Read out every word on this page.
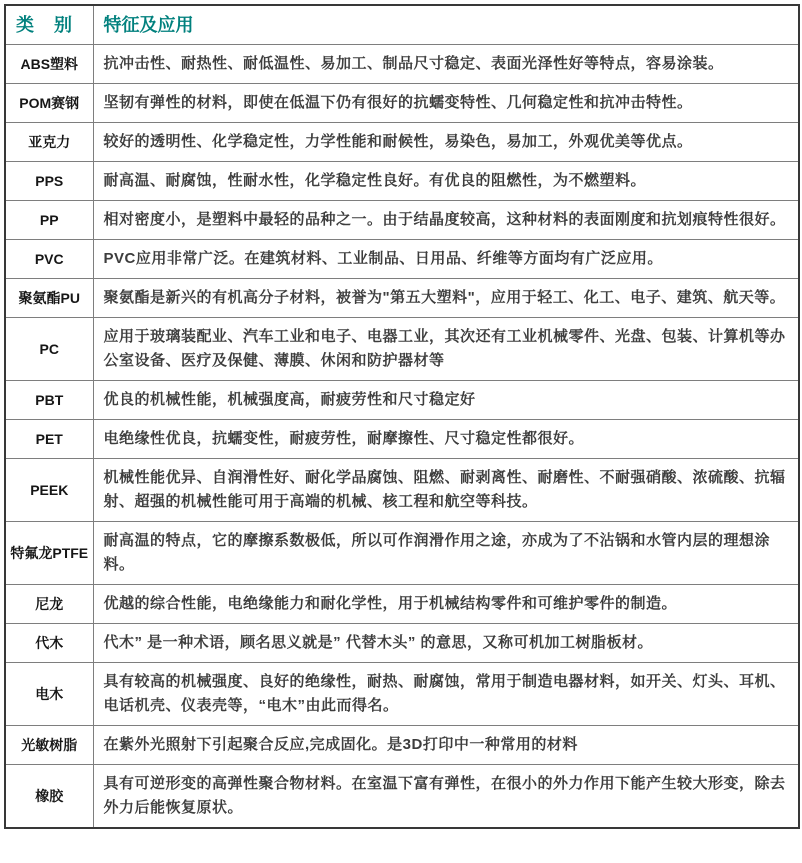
类　别	特征及应用
ABS塑料	抗冲击性、耐热性、耐低温性、易加工、制品尺寸稳定、表面光泽性好等特点，容易涂装。
POM赛钢	坚韧有弹性的材料，即使在低温下仍有很好的抗蠕变特性、几何稳定性和抗冲击特性。
亚克力	较好的透明性、化学稳定性，力学性能和耐候性，易染色，易加工，外观优美等优点。
PPS	耐高温、耐腐蚀，性耐水性，化学稳定性良好。有优良的阻燃性，为不燃塑料。
PP	相对密度小，是塑料中最轻的品种之一。由于结晶度较高，这种材料的表面刚度和抗划痕特性很好。
PVC	PVC应用非常广泛。在建筑材料、工业制品、日用品、纤维等方面均有广泛应用。
聚氨酯PU	聚氨酯是新兴的有机高分子材料，被誉为"第五大塑料"，应用于轻工、化工、电子、建筑、航天等。
PC	应用于玻璃装配业、汽车工业和电子、电器工业，其次还有工业机械零件、光盘、包装、计算机等办公室设备、医疗及保健、薄膜、休闲和防护器材等
PBT	优良的机械性能，机械强度高，耐疲劳性和尺寸稳定好
PET	电绝缘性优良，抗蠕变性，耐疲劳性，耐摩擦性、尺寸稳定性都很好。
PEEK	机械性能优异、自润滑性好、耐化学品腐蚀、阻燃、耐剥离性、耐磨性、不耐强硝酸、浓硫酸、抗辐射、超强的机械性能可用于高端的机械、核工程和航空等科技。
特氟龙PTFE	耐高温的特点，它的摩擦系数极低，所以可作润滑作用之途，亦成为了不沾锅和水管内层的理想涂料。
尼龙	优越的综合性能，电绝缘能力和耐化学性，用于机械结构零件和可维护零件的制造。
代木	代木” 是一种术语，顾名思义就是” 代替木头” 的意思，又称可机加工树脂板材。
电木	具有较高的机械强度、良好的绝缘性，耐热、耐腐蚀，常用于制造电器材料，如开关、灯头、耳机、电话机壳、仪表壳等，“电木”由此而得名。
光敏树脂	在紫外光照射下引起聚合反应,完成固化。是3D打印中一种常用的材料
橡胶	具有可逆形变的高弹性聚合物材料。在室温下富有弹性，在很小的外力作用下能产生较大形变，除去外力后能恢复原状。
